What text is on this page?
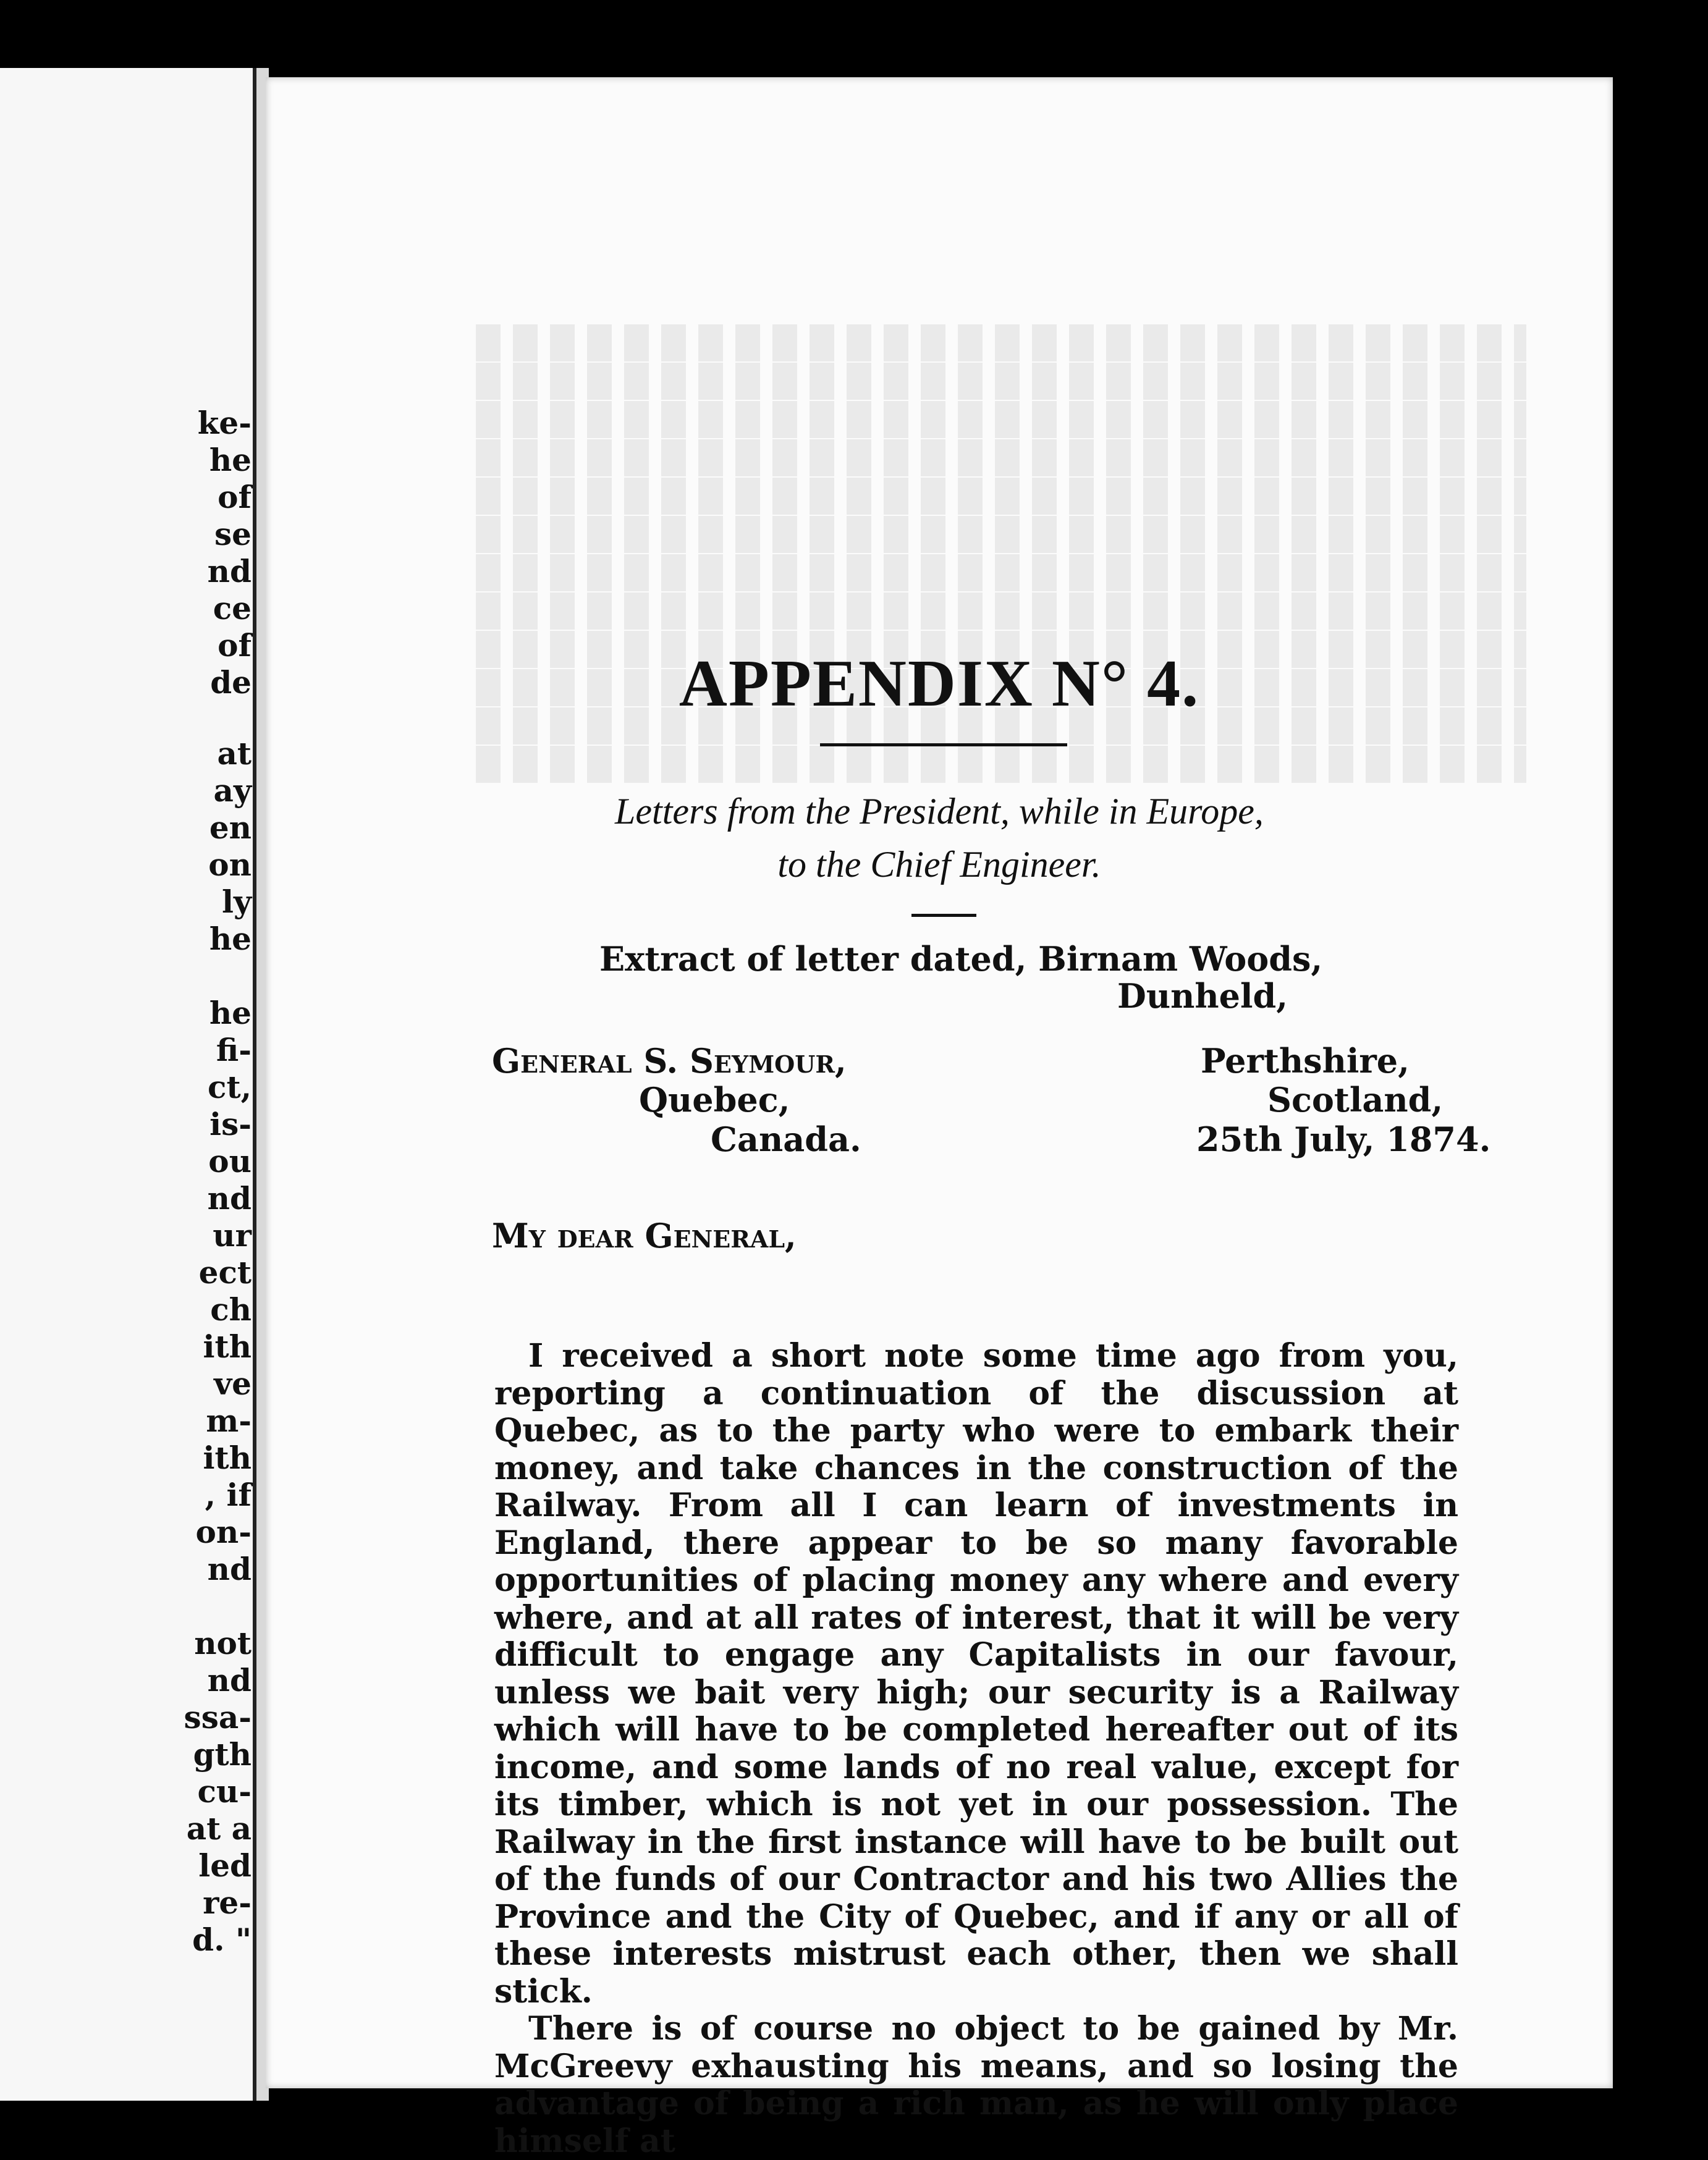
ke-
he
of
se
nd
ce
of
de
at
ay
en
on
ly
he
he
fi-
ct,
is-
ou
nd
ur
ect
ch
ith
ve
m-
ith
, if
on-
nd
not
nd
ssa-
gth
cu-
at a
led
re-
d. "
APPENDIX N° 4.
Letters from the President, while in Europe, to the Chief Engineer.
Extract of letter dated, Birnam Woods,
Dunheld,
General S. Seymour,	Perthshire,
Quebec,	Scotland,
Canada.	25th July, 1874.
My dear General,

I received a short note some time ago from you, reporting a continuation of the discussion at Quebec, as to the party who were to embark their money, and take chances in the construction of the Railway. From all I can learn of investments in England, there appear to be so many favorable opportunities of placing money any where and every where, and at all rates of interest, that it will be very difficult to engage any Capitalists in our favour, unless we bait very high; our security is a Railway which will have to be completed hereafter out of its income, and some lands of no real value, except for its timber, which is not yet in our possession. The Railway in the first instance will have to be built out of the funds of our Contractor and his two Allies the Province and the City of Quebec, and if any or all of these interests mistrust each other, then we shall stick.

There is of course no object to be gained by Mr. McGreevy exhausting his means, and so losing the advantage of being a rich man, as he will only place himself at
